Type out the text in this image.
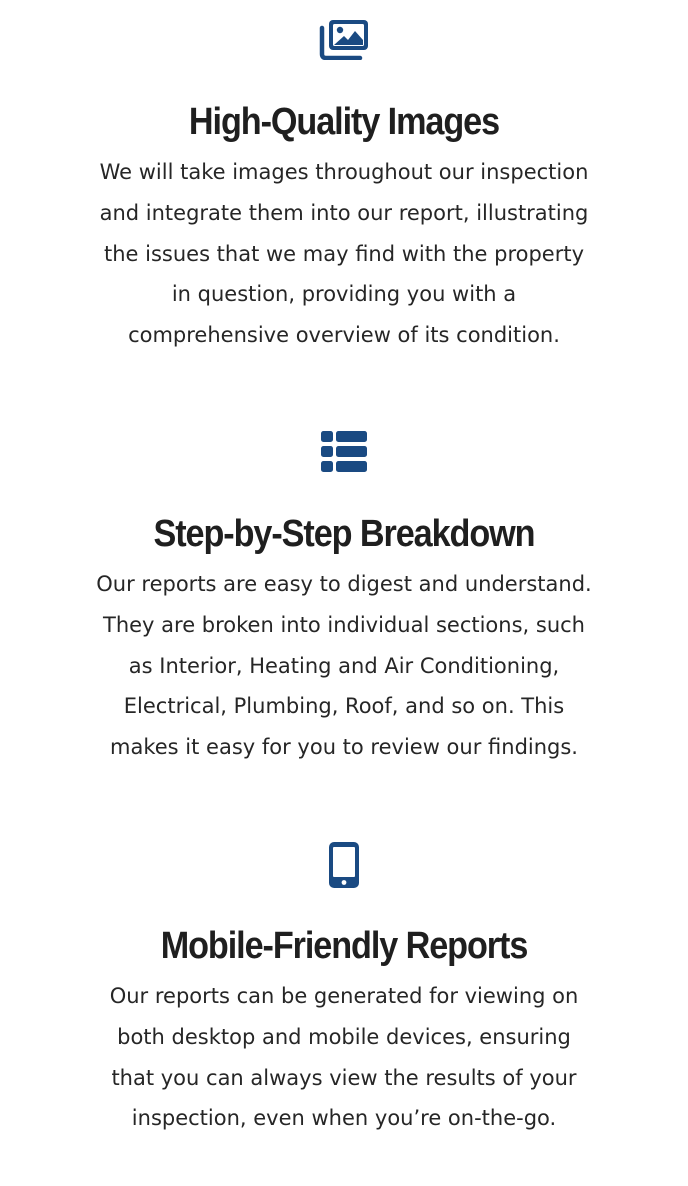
High-Quality Images

We will take images throughout our inspection and integrate them into our report, illustrating the issues that we may find with the property in question, providing you with a comprehensive overview of its condition.

Step-by-Step Breakdown

Our reports are easy to digest and understand. They are broken into individual sections, such as Interior, Heating and Air Conditioning, Electrical, Plumbing, Roof, and so on. This makes it easy for you to review our findings.

Mobile-Friendly Reports

Our reports can be generated for viewing on both desktop and mobile devices, ensuring that you can always view the results of your inspection, even when you’re on-the-go.
